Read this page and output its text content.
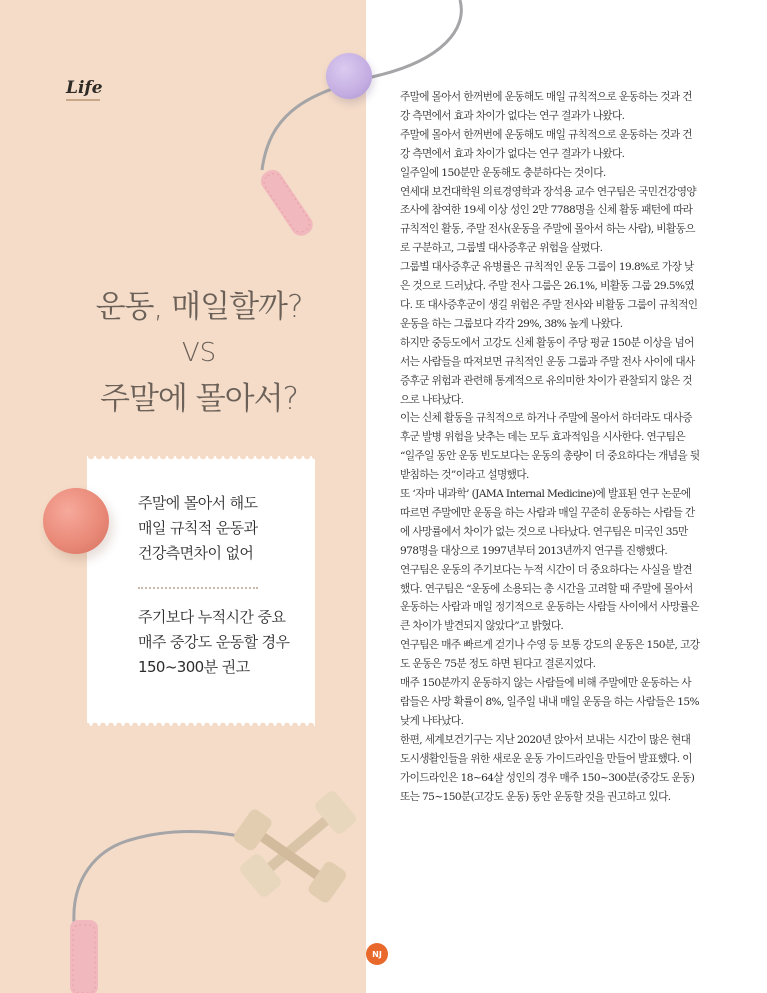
Life
운동, 매일할까?
VS
주말에 몰아서?
주말에 몰아서 해도
매일 규칙적 운동과
건강측면차이 없어
주기보다 누적시간 중요
매주 중강도 운동할 경우
150~300분 권고

주말에 몰아서 한꺼번에 운동해도 매일 규칙적으로 운동하는 것과 건강 측면에서 효과 차이가 없다는 연구 결과가 나왔다.

주말에 몰아서 한꺼번에 운동해도 매일 규칙적으로 운동하는 것과 건강 측면에서 효과 차이가 없다는 연구 결과가 나왔다.

일주일에 150분만 운동해도 충분하다는 것이다.

연세대 보건대학원 의료경영학과 장석용 교수 연구팀은 국민건강영양조사에 참여한 19세 이상 성인 2만 7788명을 신체 활동 패턴에 따라 규칙적인 활동, 주말 전사(운동을 주말에 몰아서 하는 사람), 비활동으로 구분하고, 그룹별 대사증후군 위험을 살폈다.

그룹별 대사증후군 유병률은 규칙적인 운동 그룹이 19.8%로 가장 낮은 것으로 드러났다. 주말 전사 그룹은 26.1%, 비활동 그룹 29.5%였다. 또 대사증후군이 생길 위험은 주말 전사와 비활동 그룹이 규칙적인 운동을 하는 그룹보다 각각 29%, 38% 높게 나왔다.

하지만 중등도에서 고강도 신체 활동이 주당 평균 150분 이상을 넘어서는 사람들을 따져보면 규칙적인 운동 그룹과 주말 전사 사이에 대사증후군 위험과 관련해 통계적으로 유의미한 차이가 관찰되지 않은 것으로 나타났다.

이는 신체 활동을 규칙적으로 하거나 주말에 몰아서 하더라도 대사증후군 발병 위험을 낮추는 데는 모두 효과적임을 시사한다. 연구팀은 “일주일 동안 운동 빈도보다는 운동의 총량이 더 중요하다는 개념을 뒷받침하는 것”이라고 설명했다.

또 ‘자마 내과학’ (JAMA Internal Medicine)에 발표된 연구 논문에 따르면 주말에만 운동을 하는 사람과 매일 꾸준히 운동하는 사람들 간에 사망률에서 차이가 없는 것으로 나타났다. 연구팀은 미국인 35만 978명을 대상으로 1997년부터 2013년까지 연구를 진행했다.

연구팀은 운동의 주기보다는 누적 시간이 더 중요하다는 사실을 발견했다. 연구팀은 “운동에 소용되는 총 시간을 고려할 때 주말에 몰아서 운동하는 사람과 매일 정기적으로 운동하는 사람들 사이에서 사망률은 큰 차이가 발견되지 않았다”고 밝혔다.

연구팀은 매주 빠르게 걷기나 수영 등 보통 강도의 운동은 150분, 고강도 운동은 75분 정도 하면 된다고 결론지었다.

매주 150분까지 운동하지 않는 사람들에 비해 주말에만 운동하는 사람들은 사망 확률이 8%, 일주일 내내 매일 운동을 하는 사람들은 15% 낮게 나타났다.

한편, 세계보건기구는 지난 2020년 앉아서 보내는 시간이 많은 현대 도시생활인들을 위한 새로운 운동 가이드라인을 만들어 발표했다. 이 가이드라인은 18~64살 성인의 경우 매주 150~300분(중강도 운동) 또는 75~150분(고강도 운동) 동안 운동할 것을 권고하고 있다.

NJ
